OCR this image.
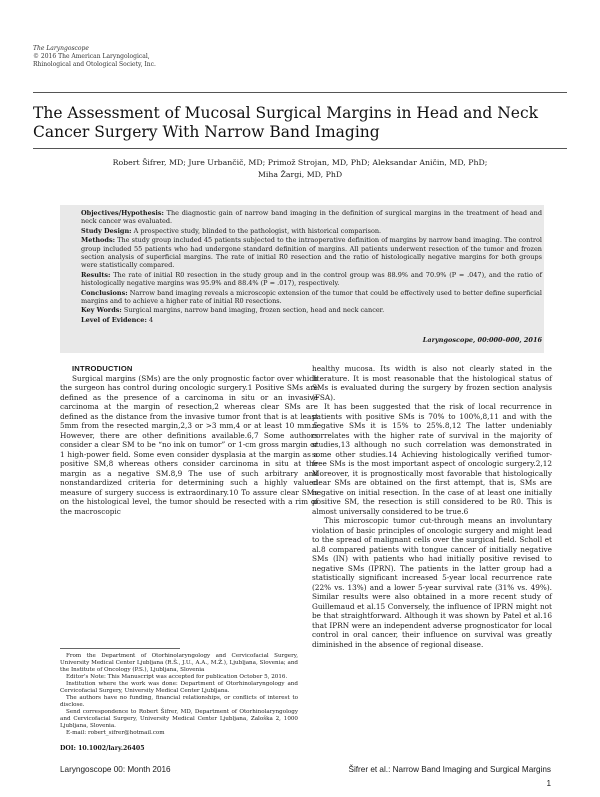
The Laryngoscope
© 2016 The American Laryngological,
Rhinological and Otological Society, Inc.
The Assessment of Mucosal Surgical Margins in Head and Neck Cancer Surgery With Narrow Band Imaging
Robert Šifrer, MD; Jure Urbančič, MD; Primož Strojan, MD, PhD; Aleksandar Aničin, MD, PhD;
Miha Žargi, MD, PhD
Objectives/Hypothesis: The diagnostic gain of narrow band imaging in the definition of surgical margins in the treatment of head and neck cancer was evaluated.
Study Design: A prospective study, blinded to the pathologist, with historical comparison.
Methods: The study group included 45 patients subjected to the intraoperative definition of margins by narrow band imaging. The control group included 55 patients who had undergone standard definition of margins. All patients underwent resection of the tumor and frozen section analysis of superficial margins. The rate of initial R0 resection and the ratio of histologically negative margins for both groups were statistically compared.
Results: The rate of initial R0 resection in the study group and in the control group was 88.9% and 70.9% (P = .047), and the ratio of histologically negative margins was 95.9% and 88.4% (P = .017), respectively.
Conclusions: Narrow band imaging reveals a microscopic extension of the tumor that could be effectively used to better define superficial margins and to achieve a higher rate of initial R0 resections.
Key Words: Surgical margins, narrow band imaging, frozen section, head and neck cancer.
Level of Evidence: 4
Laryngoscope, 00:000–000, 2016

INTRODUCTION

Surgical margins (SMs) are the only prognostic factor over which the surgeon has control during oncologic surgery.1 Positive SMs are defined as the presence of a carcinoma in situ or an invasive carcinoma at the margin of resection,2 whereas clear SMs are defined as the distance from the invasive tumor front that is at least 5mm from the resected margin,2,3 or >3 mm,4 or at least 10 mm.5 However, there are other definitions available.6,7 Some authors consider a clear SM to be “no ink on tumor” or 1-cm gross margin or 1 high-power field. Some even consider dysplasia at the margin as a positive SM,8 whereas others consider carcinoma in situ at the margin as a negative SM.8,9 The use of such arbitrary and nonstandardized criteria for determining such a highly valued measure of surgery success is extraordinary.10 To assure clear SMs on the histological level, the tumor should be resected with a rim of the macroscopic

healthy mucosa. Its width is also not clearly stated in the literature. It is most reasonable that the histological status of SMs is evaluated during the surgery by frozen section analysis (FSA).

It has been suggested that the risk of local recurrence in patients with positive SMs is 70% to 100%,8,11 and with the negative SMs it is 15% to 25%.8,12 The latter undeniably correlates with the higher rate of survival in the majority of studies,13 although no such correlation was demonstrated in some other studies.14 Achieving histologically verified tumor-free SMs is the most important aspect of oncologic surgery.2,12 Moreover, it is prognostically most favorable that histologically clear SMs are obtained on the first attempt, that is, SMs are negative on initial resection. In the case of at least one initially positive SM, the resection is still considered to be R0. This is almost universally considered to be true.6

This microscopic tumor cut-through means an involuntary violation of basic principles of oncologic surgery and might lead to the spread of malignant cells over the surgical field. Scholl et al.8 compared patients with tongue cancer of initially negative SMs (IN) with patients who had initially positive revised to negative SMs (IPRN). The patients in the latter group had a statistically significant increased 5-year local recurrence rate (22% vs. 13%) and a lower 5-year survival rate (31% vs. 49%). Similar results were also obtained in a more recent study of Guillemaud et al.15 Conversely, the influence of IPRN might not be that straightforward. Although it was shown by Patel et al.16 that IPRN were an independent adverse prognosticator for local control in oral cancer, their influence on survival was greatly diminished in the absence of regional disease.

From the Department of Otorhinolaryngology and Cervicofacial Surgery, University Medical Center Ljubljana (R.Š., J.U., A.A., M.Ž.), Ljubljana, Slovenia; and the Institute of Oncology (P.S.), Ljubljana, Slovenia

Editor’s Note: This Manuscript was accepted for publication October 5, 2016.

Institution where the work was done: Department of Otorhinolaryngology and Cervicofacial Surgery, University Medical Center Ljubljana.

The authors have no funding, financial relationships, or conflicts of interest to disclose.

Send correspondence to Robert Šifrer, MD, Department of Otorhinolaryngology and Cervicofacial Surgery, University Medical Center Ljubljana, Zaloška 2, 1000 Ljubljana, Slovenia.

E-mail: robert_sifrer@hotmail.com

DOI: 10.1002/lary.26405
Laryngoscope 00: Month 2016	Šifrer et al.: Narrow Band Imaging and Surgical Margins
1
